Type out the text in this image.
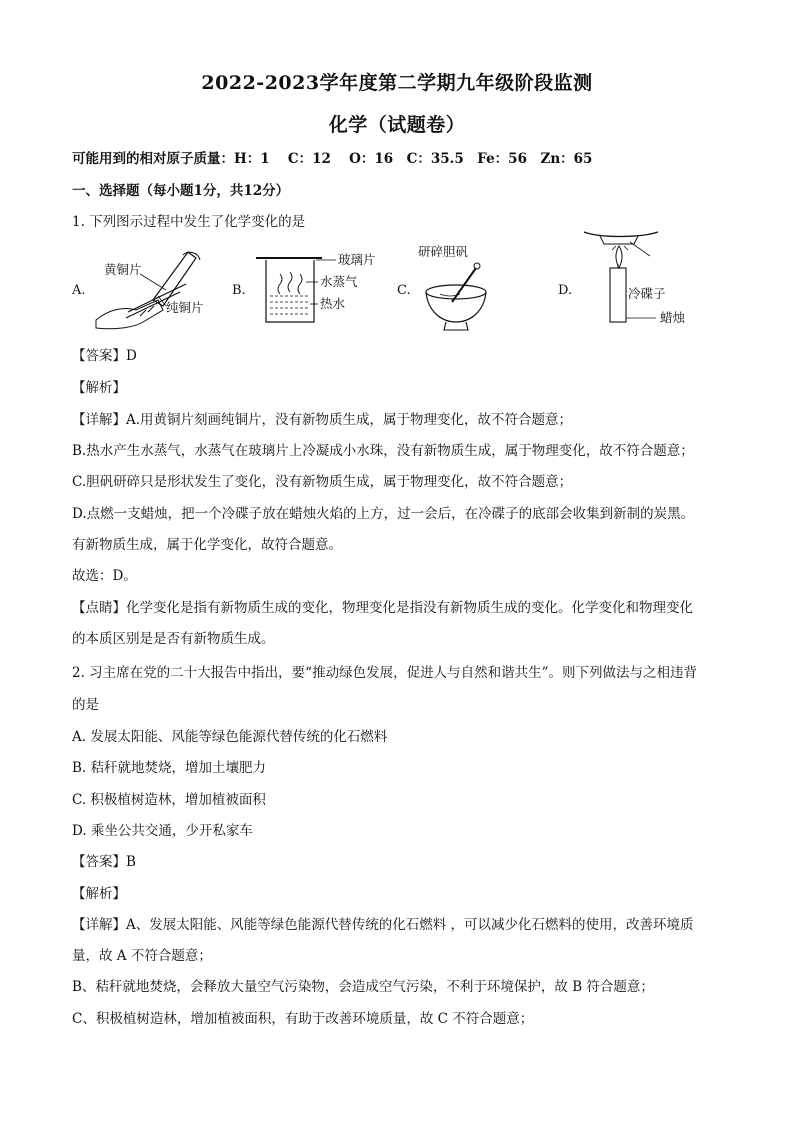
2022-2023学年度第二学期九年级阶段监测
化学（试题卷）
可能用到的相对原子质量：H：1　 C：12　 O：16　C：35.5　Fe：56　Zn：65
一、选择题（每小题1分，共12分）
1. 下列图示过程中发生了化学变化的是
A.
黄铜片
纯铜片
B.
玻璃片
水蒸气
热水
C.
研碎胆矾
D.	冷碟子
蜡烛
【答案】D
【解析】
【详解】A.用黄铜片刻画纯铜片，没有新物质生成，属于物理变化，故不符合题意；
B.热水产生水蒸气，水蒸气在玻璃片上冷凝成小水珠，没有新物质生成，属于物理变化，故不符合题意；
C.胆矾研碎只是形状发生了变化，没有新物质生成，属于物理变化，故不符合题意；
D.点燃一支蜡烛，把一个冷碟子放在蜡烛火焰的上方，过一会后，在冷碟子的底部会收集到新制的炭黑。
有新物质生成，属于化学变化，故符合题意。
故选：D。
【点睛】化学变化是指有新物质生成的变化，物理变化是指没有新物质生成的变化。化学变化和物理变化
的本质区别是是否有新物质生成。
2. 习主席在党的二十大报告中指出，要“推动绿色发展，促进人与自然和谐共生”。则下列做法与之相违背
的是
A. 发展太阳能、风能等绿色能源代替传统的化石燃料
B. 秸秆就地焚烧，增加土壤肥力
C. 积极植树造林，增加植被面积
D. 乘坐公共交通，少开私家车
【答案】B
【解析】
【详解】A、发展太阳能、风能等绿色能源代替传统的化石燃料 ，可以减少化石燃料的使用，改善环境质
量，故 A 不符合题意；
B、秸秆就地焚烧，会释放大量空气污染物，会造成空气污染，不利于环境保护，故 B 符合题意；
C、积极植树造林，增加植被面积，有助于改善环境质量，故 C 不符合题意；
